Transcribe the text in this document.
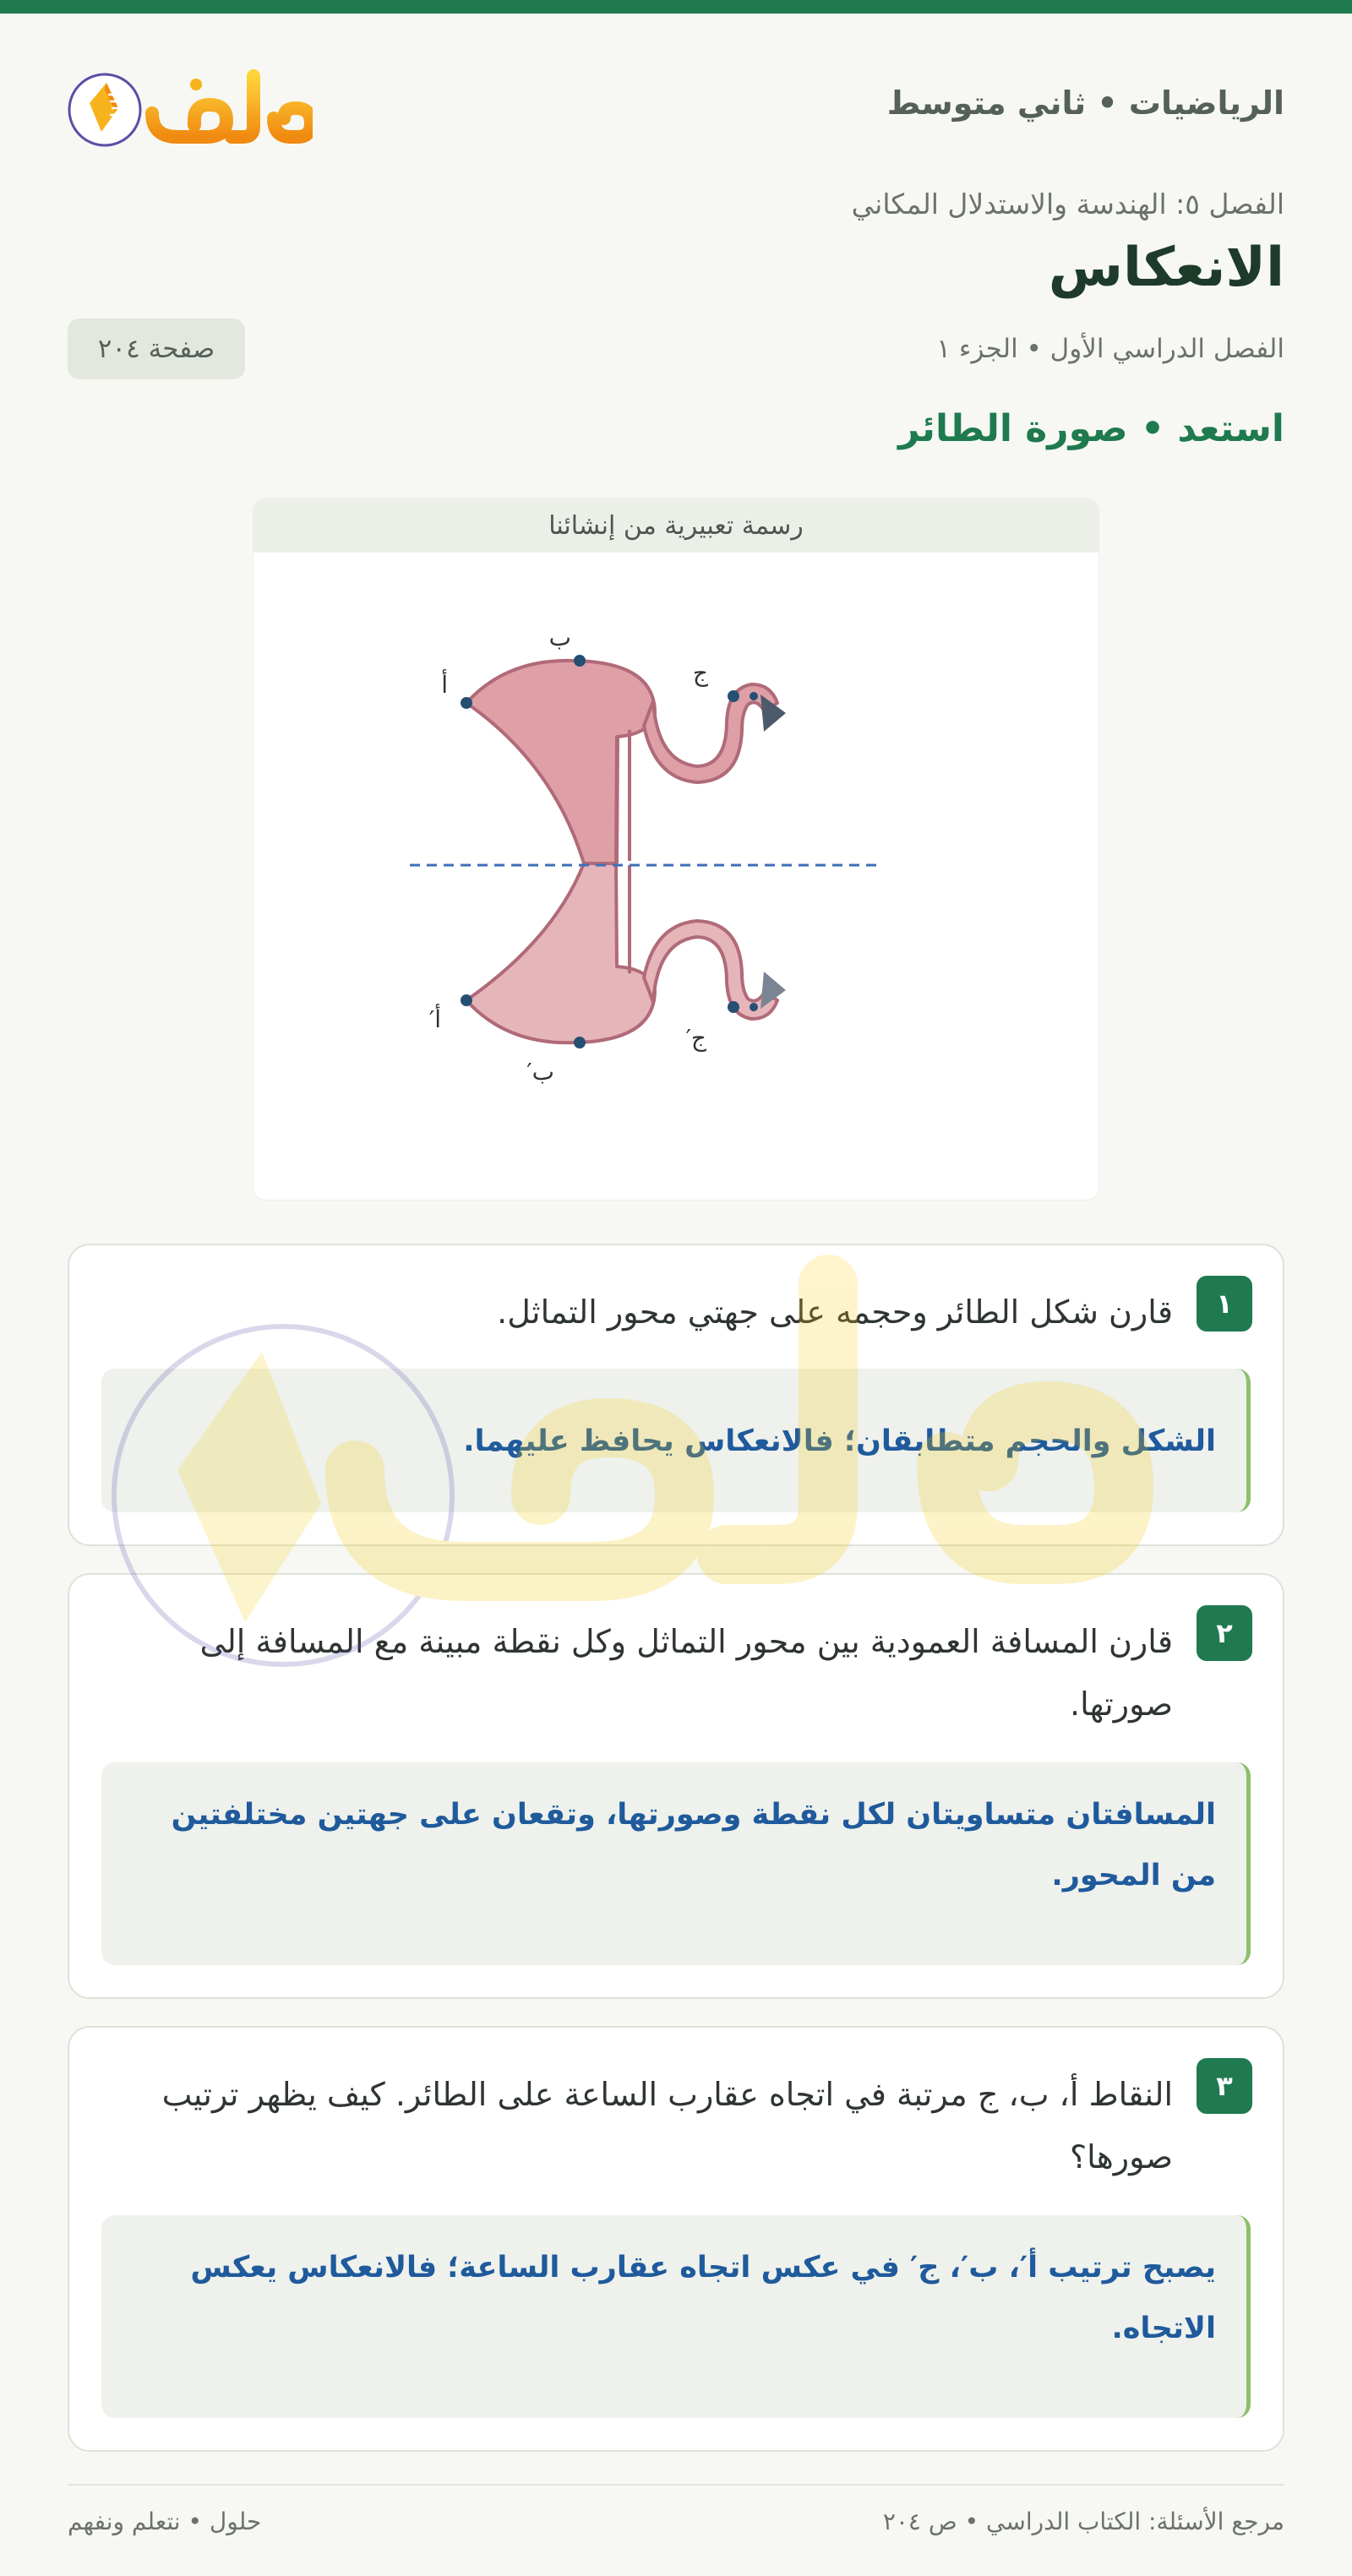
الرياضيات • ثاني متوسط
الفصل ٥: الهندسة والاستدلال المكاني
الانعكاس
الفصل الدراسي الأول • الجزء ١
صفحة ٢٠٤
استعد • صورة الطائر
رسمة تعبيرية من إنشائنا
أ
ب
ج
أ′
ب′
ج′
١
قارن شكل الطائر وحجمه على جهتي محور التماثل.
الشكل والحجم متطابقان؛ فالانعكاس يحافظ عليهما.
٢
قارن المسافة العمودية بين محور التماثل وكل نقطة مبينة مع المسافة إلى صورتها.
المسافتان متساويتان لكل نقطة وصورتها، وتقعان على جهتين مختلفتين من المحور.
٣
النقاط أ، ب، ج مرتبة في اتجاه عقارب الساعة على الطائر. كيف يظهر ترتيب صورها؟
يصبح ترتيب أ′، ب′، ج′ في عكس اتجاه عقارب الساعة؛ فالانعكاس يعكس الاتجاه.
مرجع الأسئلة: الكتاب الدراسي • ص ٢٠٤
حلول • نتعلم ونفهم
